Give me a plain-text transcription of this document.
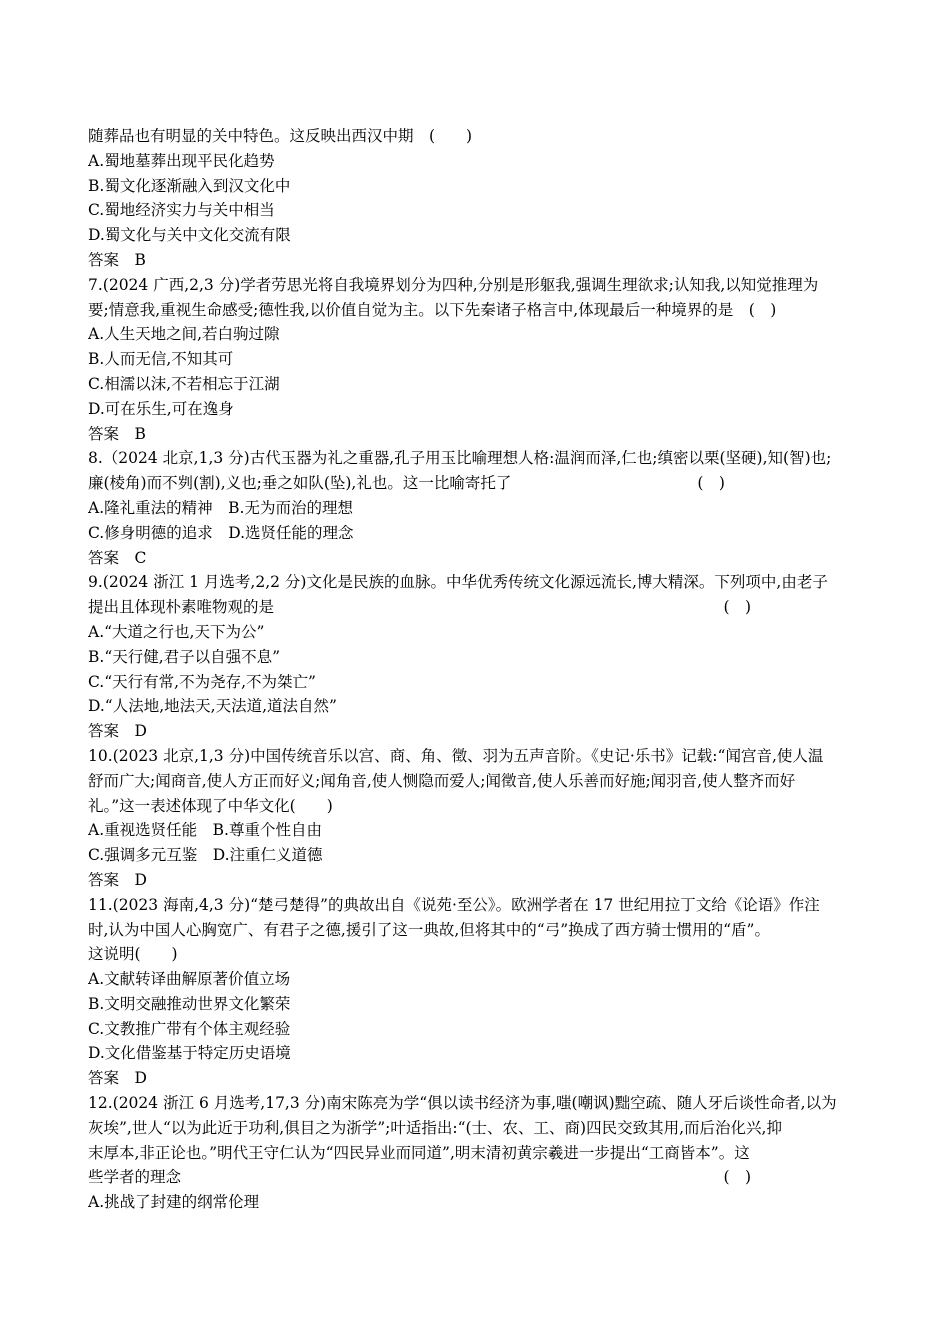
随葬品也有明显的关中特色。这反映出西汉中期　(　　)
A.蜀地墓葬出现平民化趋势
B.蜀文化逐渐融入到汉文化中
C.蜀地经济实力与关中相当
D.蜀文化与关中文化交流有限
答案　B
7.(2024 广西,2,3 分)学者劳思光将自我境界划分为四种,分别是形躯我,强调生理欲求;认知我,以知觉推理为
要;情意我,重视生命感受;德性我,以价值自觉为主。以下先秦诸子格言中,体现最后一种境界的是　(　)
A.人生天地之间,若白驹过隙
B.人而无信,不知其可
C.相濡以沫,不若相忘于江湖
D.可在乐生,可在逸身
答案　B
8.（2024 北京,1,3 分)古代玉器为礼之重器,孔子用玉比喻理想人格:温润而泽,仁也;缜密以栗(坚硬),知(智)也;
廉(棱角)而不刿(割),义也;垂之如队(坠),礼也。这一比喻寄托了　　　　　　　　　　　　(　)
A.隆礼重法的精神　B.无为而治的理想
C.修身明德的追求　D.选贤任能的理念
答案　C
9.(2024 浙江 1 月选考,2,2 分)文化是民族的血脉。中华优秀传统文化源远流长,博大精深。下列项中,由老子
提出且体现朴素唯物观的是　　　　　　　　　　　　　　　　　　　　　　　　　　　　　(　)
A.“大道之行也,天下为公”
B.“天行健,君子以自强不息”
C.“天行有常,不为尧存,不为桀亡”
D.“人法地,地法天,天法道,道法自然”
答案　D
10.(2023 北京,1,3 分)中国传统音乐以宫、商、角、徵、羽为五声音阶。《史记·乐书》记载:“闻宫音,使人温
舒而广大;闻商音,使人方正而好义;闻角音,使人恻隐而爱人;闻徵音,使人乐善而好施;闻羽音,使人整齐而好
礼。”这一表述体现了中华文化(　　)
A.重视选贤任能　B.尊重个性自由
C.强调多元互鉴　D.注重仁义道德
答案　D
11.(2023 海南,4,3 分)“楚弓楚得”的典故出自《说苑·至公》。欧洲学者在 17 世纪用拉丁文给《论语》作注
时,认为中国人心胸宽广、有君子之德,援引了这一典故,但将其中的“弓”换成了西方骑士惯用的“盾”。
这说明(　　)
A.文献转译曲解原著价值立场
B.文明交融推动世界文化繁荣
C.文教推广带有个体主观经验
D.文化借鉴基于特定历史语境
答案　D
12.(2024 浙江 6 月选考,17,3 分)南宋陈亮为学“俱以读书经济为事,嗤(嘲讽)黜空疏、随人牙后谈性命者,以为
灰埃”,世人“以为此近于功利,俱目之为浙学”;叶适指出:“(士、农、工、商)四民交致其用,而后治化兴,抑
末厚本,非正论也。”明代王守仁认为“四民异业而同道”,明末清初黄宗羲进一步提出“工商皆本”。这
些学者的理念　　　　　　　　　　　　　　　　　　　　　　　　　　　　　　　　　　　(　)
A.挑战了封建的纲常伦理
